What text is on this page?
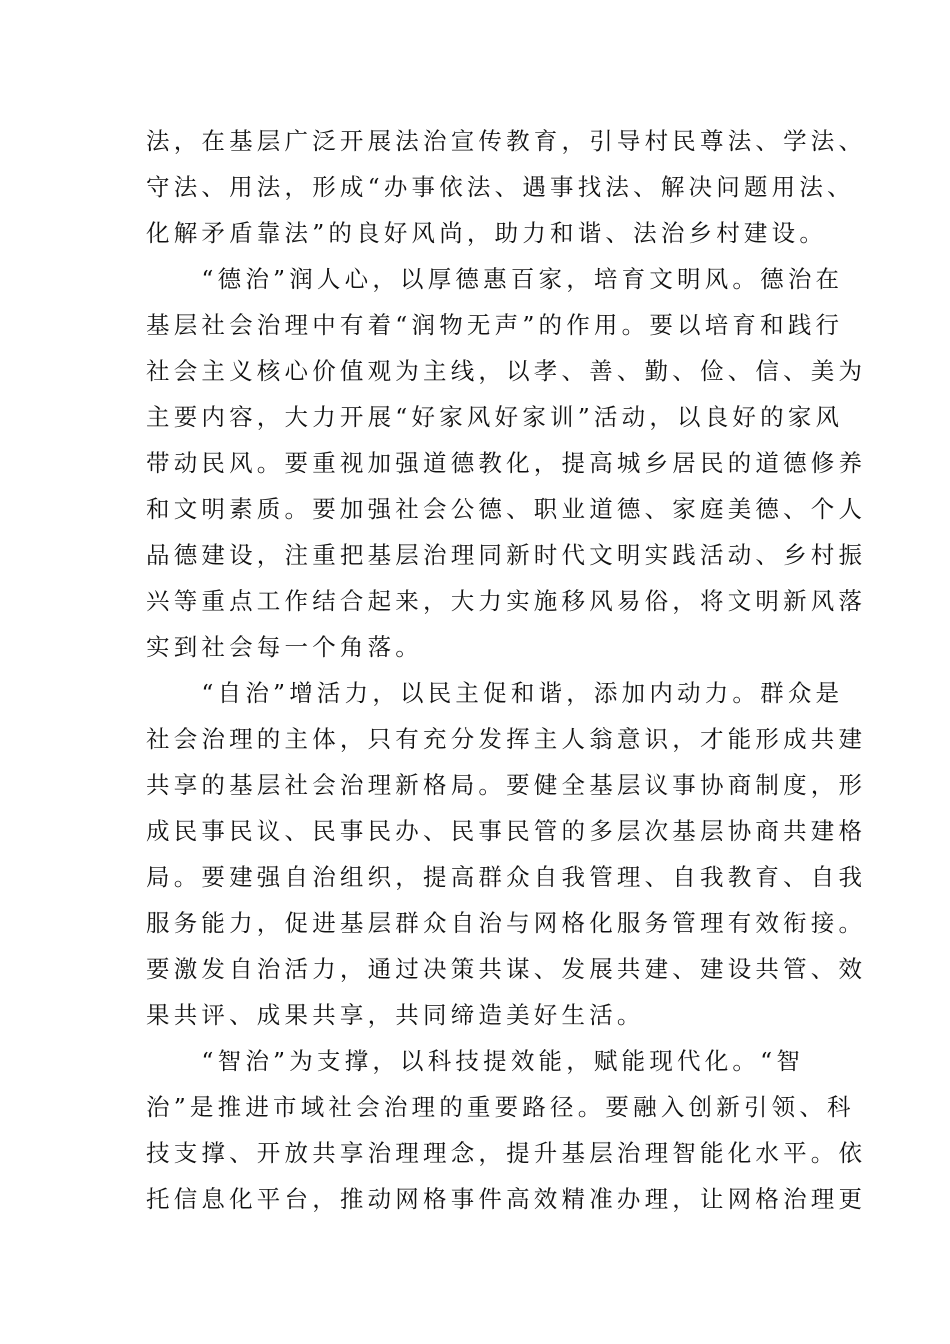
法，在基层广泛开展法治宣传教育，引导村民尊法、学法、
守法、用法，形成“办事依法、遇事找法、解决问题用法、
化解矛盾靠法”的良好风尚，助力和谐、法治乡村建设。
　　“德治”润人心，以厚德惠百家，培育文明风。德治在
基层社会治理中有着“润物无声”的作用。要以培育和践行
社会主义核心价值观为主线，以孝、善、勤、俭、信、美为
主要内容，大力开展“好家风好家训”活动，以良好的家风
带动民风。要重视加强道德教化，提高城乡居民的道德修养
和文明素质。要加强社会公德、职业道德、家庭美德、个人
品德建设，注重把基层治理同新时代文明实践活动、乡村振
兴等重点工作结合起来，大力实施移风易俗，将文明新风落
实到社会每一个角落。
　　“自治”增活力，以民主促和谐，添加内动力。群众是
社会治理的主体，只有充分发挥主人翁意识，才能形成共建
共享的基层社会治理新格局。要健全基层议事协商制度，形
成民事民议、民事民办、民事民管的多层次基层协商共建格
局。要建强自治组织，提高群众自我管理、自我教育、自我
服务能力，促进基层群众自治与网格化服务管理有效衔接。
要激发自治活力，通过决策共谋、发展共建、建设共管、效
果共评、成果共享，共同缔造美好生活。
　　“智治”为支撑，以科技提效能，赋能现代化。“智
治”是推进市域社会治理的重要路径。要融入创新引领、科
技支撑、开放共享治理理念，提升基层治理智能化水平。依
托信息化平台，推动网格事件高效精准办理，让网格治理更
